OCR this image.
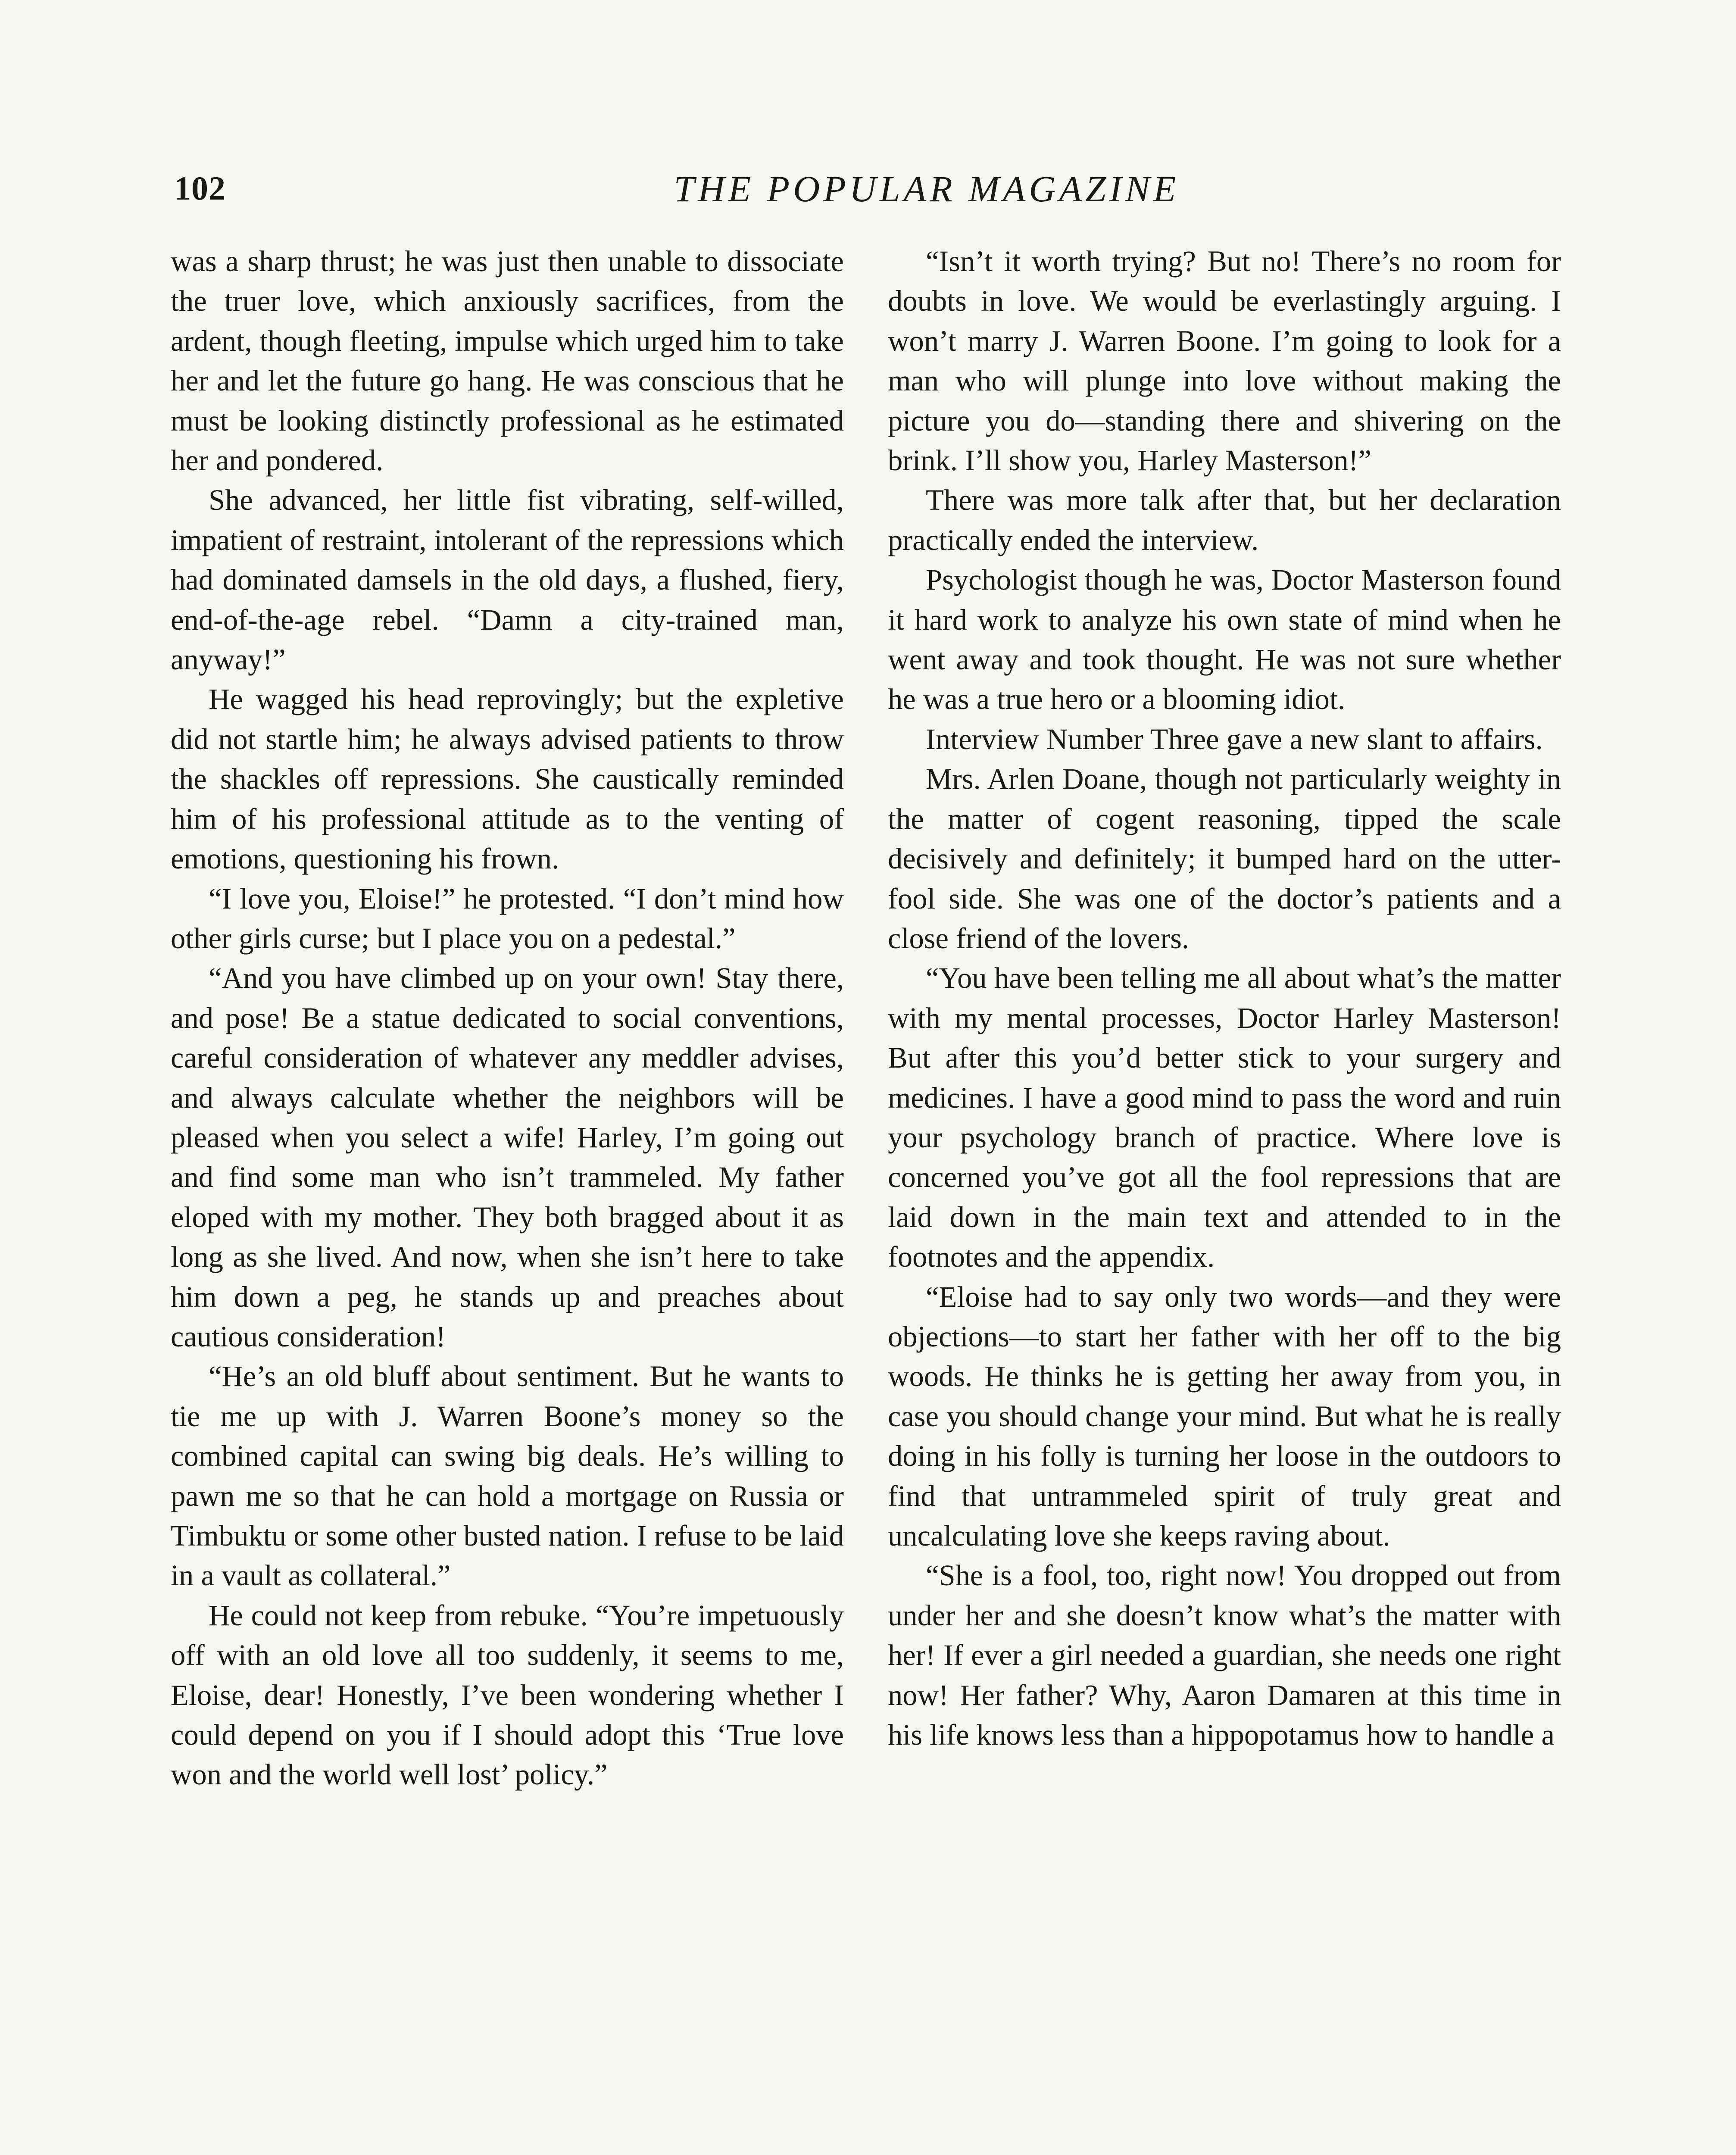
102	THE POPULAR MAGAZINE

was a sharp thrust; he was just then unable to dissociate the truer love, which anxiously sacrifices, from the ardent, though fleeting, impulse which urged him to take her and let the future go hang. He was conscious that he must be looking distinctly professional as he estimated her and pondered.

She advanced, her little fist vibrating, self-willed, impatient of restraint, intolerant of the repressions which had dominated damsels in the old days, a flushed, fiery, end-of-the-age rebel. “Damn a city-trained man, anyway!”

He wagged his head reprovingly; but the expletive did not startle him; he always advised patients to throw the shackles off repressions. She caustically reminded him of his professional attitude as to the venting of emotions, questioning his frown.

“I love you, Eloise!” he protested. “I don’t mind how other girls curse; but I place you on a pedestal.”

“And you have climbed up on your own! Stay there, and pose! Be a statue dedicated to social conventions, careful consideration of whatever any meddler advises, and always calculate whether the neighbors will be pleased when you select a wife! Harley, I’m going out and find some man who isn’t trammeled. My father eloped with my mother. They both bragged about it as long as she lived. And now, when she isn’t here to take him down a peg, he stands up and preaches about cautious consideration!

“He’s an old bluff about sentiment. But he wants to tie me up with J. Warren Boone’s money so the combined capital can swing big deals. He’s willing to pawn me so that he can hold a mortgage on Russia or Timbuktu or some other busted nation. I refuse to be laid in a vault as collateral.”

He could not keep from rebuke. “You’re impetuously off with an old love all too suddenly, it seems to me, Eloise, dear! Honestly, I’ve been wondering whether I could depend on you if I should adopt this ‘True love won and the world well lost’ policy.”

“Isn’t it worth trying? But no! There’s no room for doubts in love. We would be everlastingly arguing. I won’t marry J. Warren Boone. I’m going to look for a man who will plunge into love without making the picture you do—standing there and shivering on the brink. I’ll show you, Harley Masterson!”

There was more talk after that, but her declaration practically ended the interview.

Psychologist though he was, Doctor Masterson found it hard work to analyze his own state of mind when he went away and took thought. He was not sure whether he was a true hero or a blooming idiot.

Interview Number Three gave a new slant to affairs.

Mrs. Arlen Doane, though not particularly weighty in the matter of cogent reasoning, tipped the scale decisively and definitely; it bumped hard on the utter-fool side. She was one of the doctor’s patients and a close friend of the lovers.

“You have been telling me all about what’s the matter with my mental processes, Doctor Harley Masterson! But after this you’d better stick to your surgery and medicines. I have a good mind to pass the word and ruin your psychology branch of practice. Where love is concerned you’ve got all the fool repressions that are laid down in the main text and attended to in the footnotes and the appendix.

“Eloise had to say only two words—and they were objections—to start her father with her off to the big woods. He thinks he is getting her away from you, in case you should change your mind. But what he is really doing in his folly is turning her loose in the outdoors to find that untrammeled spirit of truly great and uncalculating love she keeps raving about.

“She is a fool, too, right now! You dropped out from under her and she doesn’t know what’s the matter with her! If ever a girl needed a guardian, she needs one right now! Her father? Why, Aaron Damaren at this time in his life knows less than a hippopotamus how to handle a
